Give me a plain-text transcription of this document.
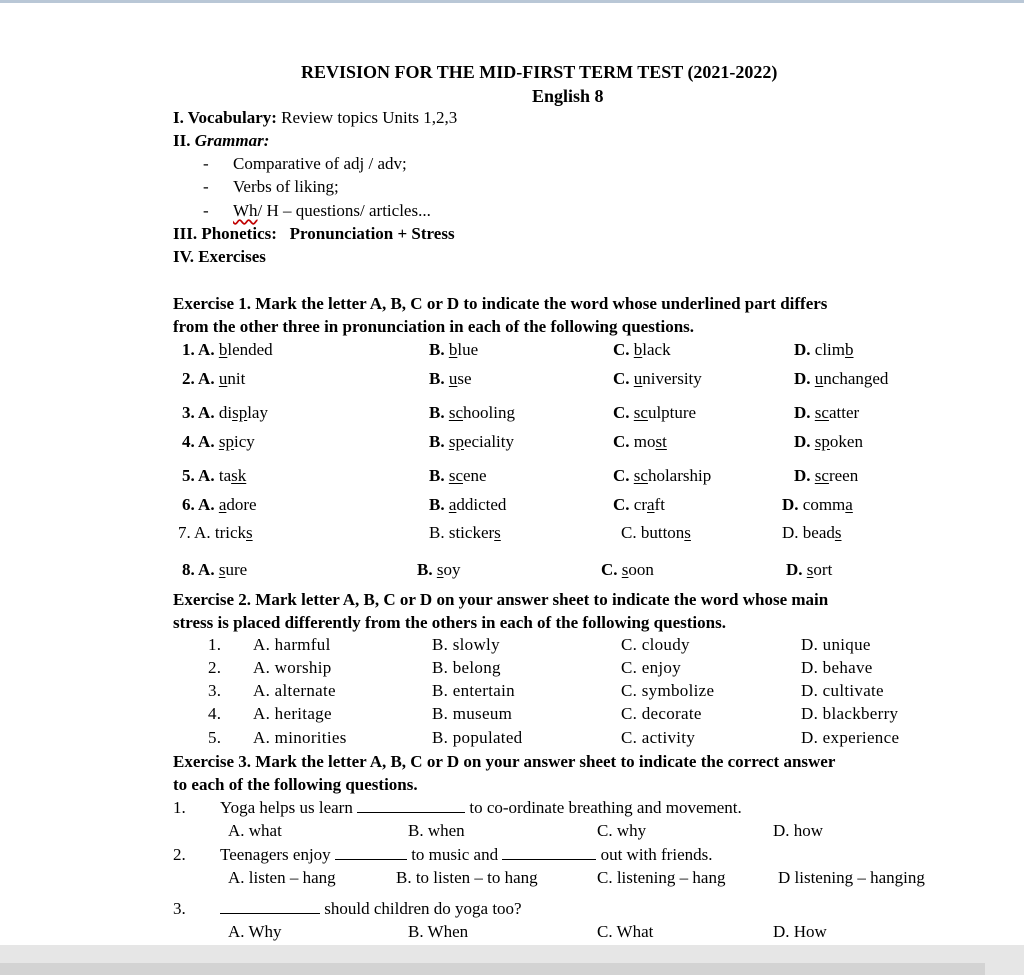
REVISION FOR THE MID-FIRST TERM TEST (2021-2022)
English 8
I. Vocabulary: Review topics Units 1,2,3
II. Grammar:
- Comparative of adj / adv;
- Verbs of liking;
- Wh/ H – questions/ articles...
III. Phonetics: Pronunciation + Stress
IV. Exercises
Exercise 1. Mark the letter A, B, C or D to indicate the word whose underlined part differs
from the other three in pronunciation in each of the following questions.
1. A. blended	B. blue	C. black	D. climb
2. A. unit	B. use	C. university	D. unchanged
3. A. display	B. schooling	C. sculpture	D. scatter
4. A. spicy	B. speciality	C. most	D. spoken
5. A. task	B. scene	C. scholarship	D. screen
6. A. adore	B. addicted	C. craft	D. comma
7. A. tricks	B. stickers	C. buttons	D. beads
8. A. sure	B. soy	C. soon	D. sort
Exercise 2. Mark letter A, B, C or D on your answer sheet to indicate the word whose main
stress is placed differently from the others in each of the following questions.
1. A. harmful	B. slowly	C. cloudy	D. unique
2. A. worship	B. belong	C. enjoy	D. behave
3. A. alternate	B. entertain	C. symbolize	D. cultivate
4. A. heritage	B. museum	C. decorate	D. blackberry
5. A. minorities	B. populated	C. activity	D. experience
Exercise 3. Mark the letter A, B, C or D on your answer sheet to indicate the correct answer
to each of the following questions.
1. Yoga helps us learn	to co-ordinate breathing and movement.
A. what	B. when	C. why	D. how
2. Teenagers enjoy	to music and	out with friends.
A. listen – hang	B. to listen – to hang	C. listening – hang	D listening – hanging
3.	should children do yoga too?
A. Why	B. When	C. What	D. How
